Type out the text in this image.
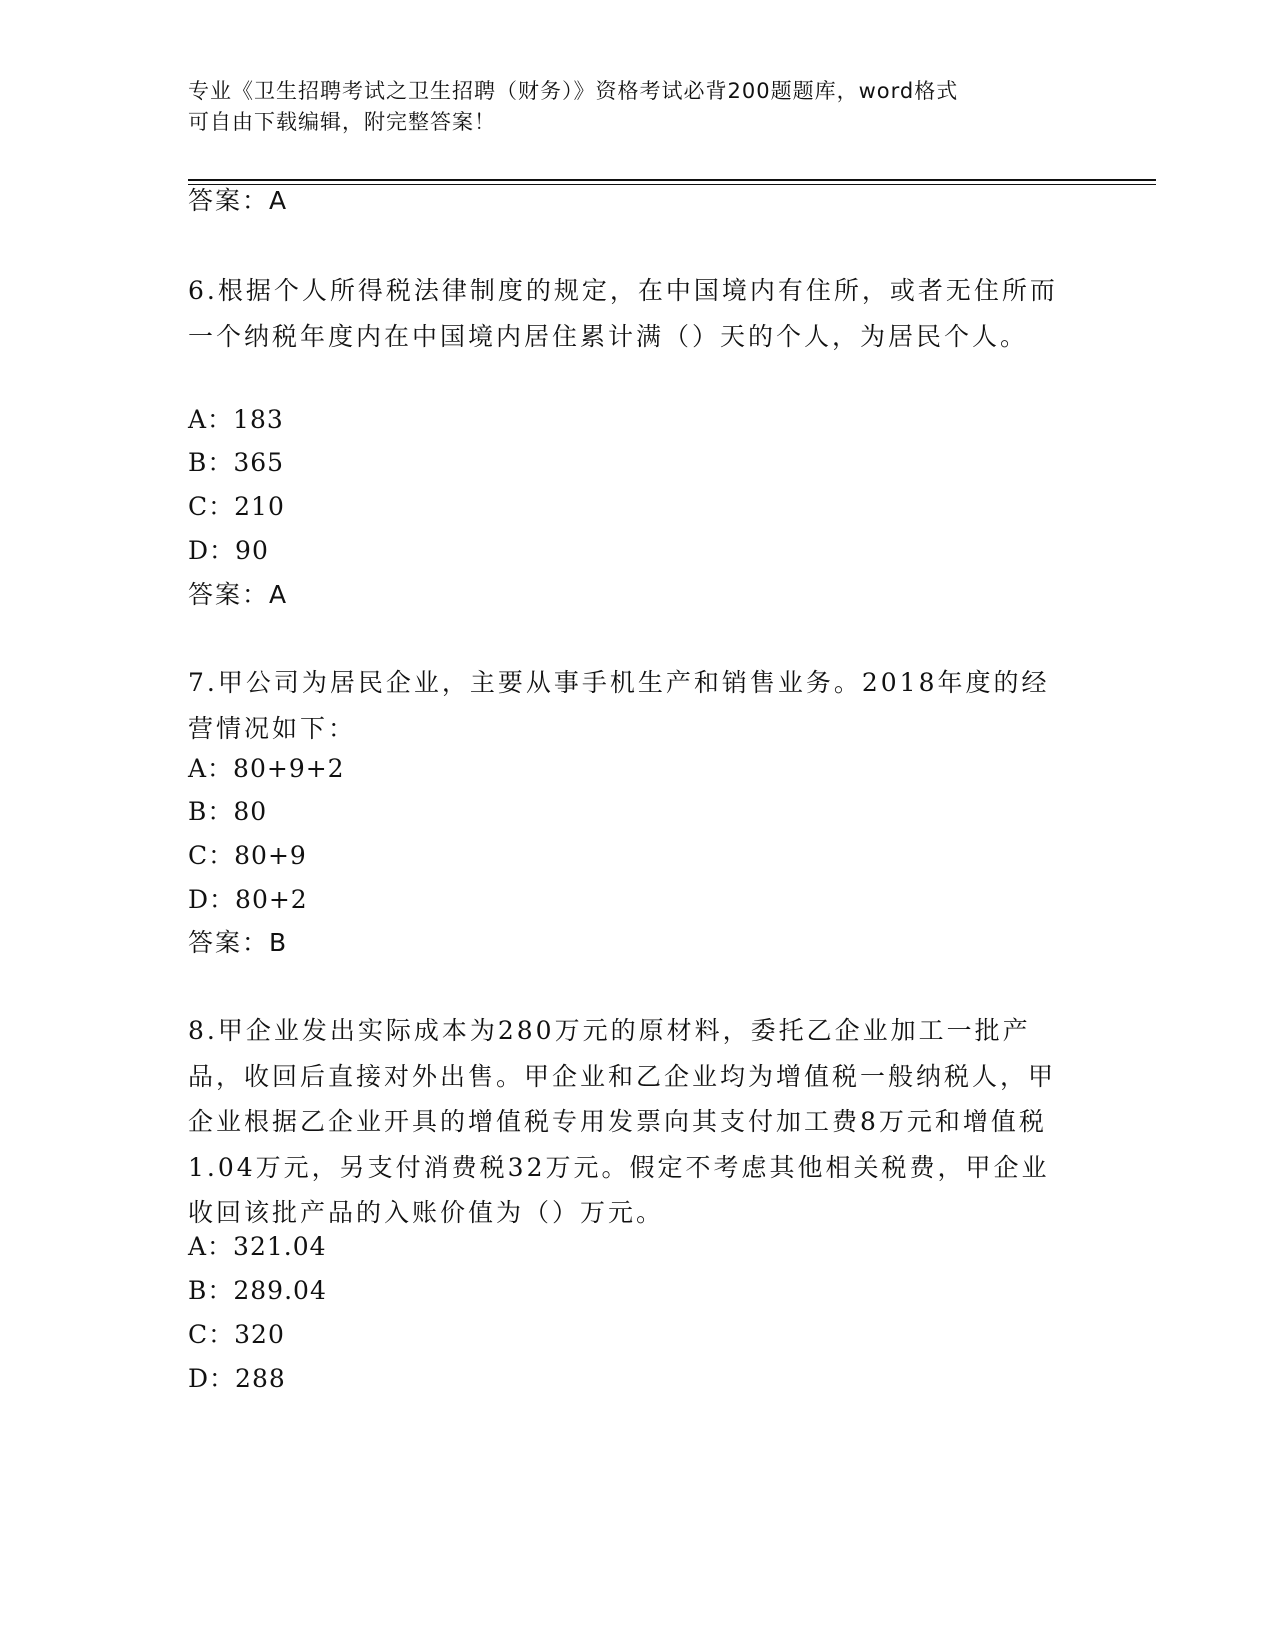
专业《卫生招聘考试之卫生招聘（财务）》资格考试必背200题题库，word格式
可自由下载编辑，附完整答案！
答案：A
6.根据个人所得税法律制度的规定，在中国境内有住所，或者无住所而一个纳税年度内在中国境内居住累计满（）天的个人，为居民个人。
A：183
B：365
C：210
D：90
答案：A
7.甲公司为居民企业，主要从事手机生产和销售业务。2018年度的经营情况如下：
A：80+9+2
B：80
C：80+9
D：80+2
答案：B
8.甲企业发出实际成本为280万元的原材料，委托乙企业加工一批产品，收回后直接对外出售。甲企业和乙企业均为增值税一般纳税人，甲企业根据乙企业开具的增值税专用发票向其支付加工费8万元和增值税1.04万元，另支付消费税32万元。假定不考虑其他相关税费，甲企业收回该批产品的入账价值为（）万元。
A：321.04
B：289.04
C：320
D：288
